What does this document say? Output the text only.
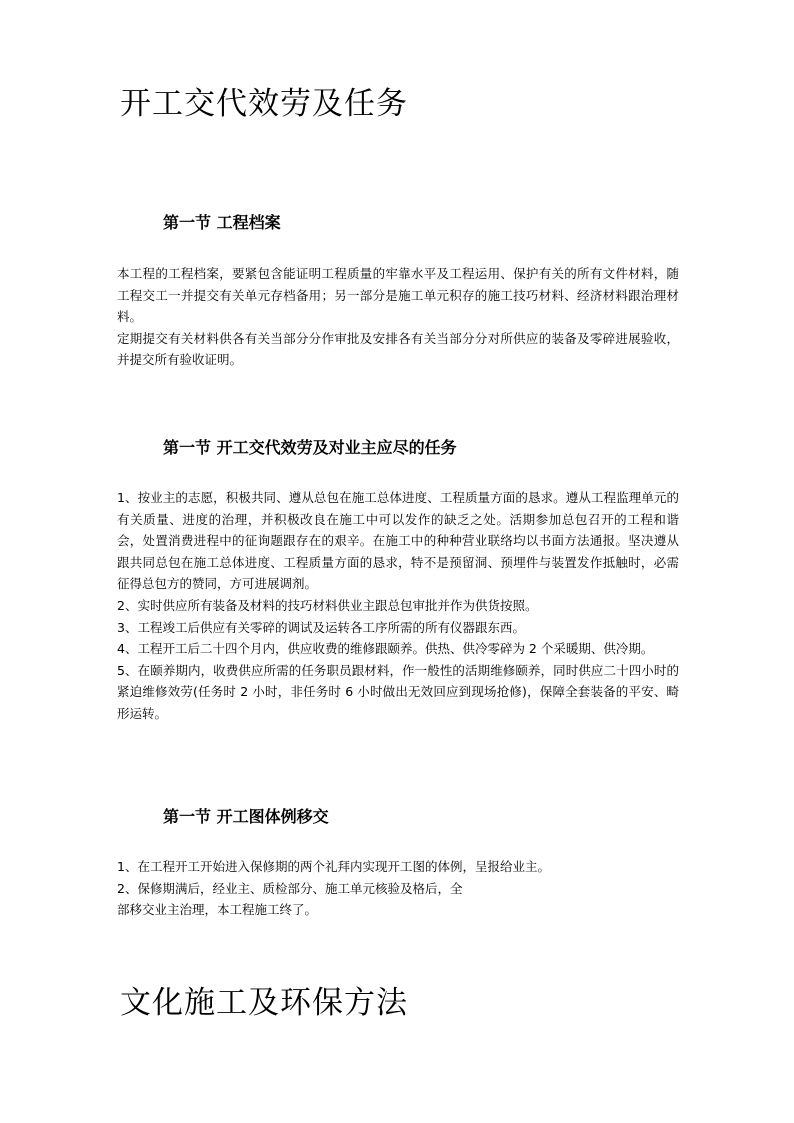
开工交代效劳及任务
第一节 工程档案

本工程的工程档案，要紧包含能证明工程质量的牢靠水平及工程运用、保护有关的所有文件材料，随工程交工一并提交有关单元存档备用；另一部分是施工单元积存的施工技巧材料、经济材料跟治理材料。

定期提交有关材料供各有关当部分分作审批及安排各有关当部分分对所供应的装备及零碎进展验收，并提交所有验收证明。

第一节 开工交代效劳及对业主应尽的任务

1、按业主的志愿，积极共同、遵从总包在施工总体进度、工程质量方面的恳求。遵从工程监理单元的有关质量、进度的治理，并积极改良在施工中可以发作的缺乏之处。活期参加总包召开的工程和谐会，处置消费进程中的征询题跟存在的艰辛。在施工中的种种营业联络均以书面方法通报。坚决遵从跟共同总包在施工总体进度、工程质量方面的恳求，特不是预留洞、预埋件与装置发作抵触时，必需征得总包方的赞同，方可进展调剂。

2、实时供应所有装备及材料的技巧材料供业主跟总包审批并作为供货按照。

3、工程竣工后供应有关零碎的调试及运转各工序所需的所有仪器跟东西。

4、工程开工后二十四个月内，供应收费的维修跟颐养。供热、供冷零碎为 2 个采暖期、供冷期。

5、在颐养期内，收费供应所需的任务职员跟材料，作一般性的活期维修颐养，同时供应二十四小时的紧迫维修效劳(任务时 2 小时，非任务时 6 小时做出无效回应到现场抢修)，保障全套装备的平安、畸形运转。

第一节 开工图体例移交

1、在工程开工开始进入保修期的两个礼拜内实现开工图的体例，呈报给业主。

2、保修期满后，经业主、质检部分、施工单元核验及格后，全

部移交业主治理，本工程施工终了。

文化施工及环保方法
